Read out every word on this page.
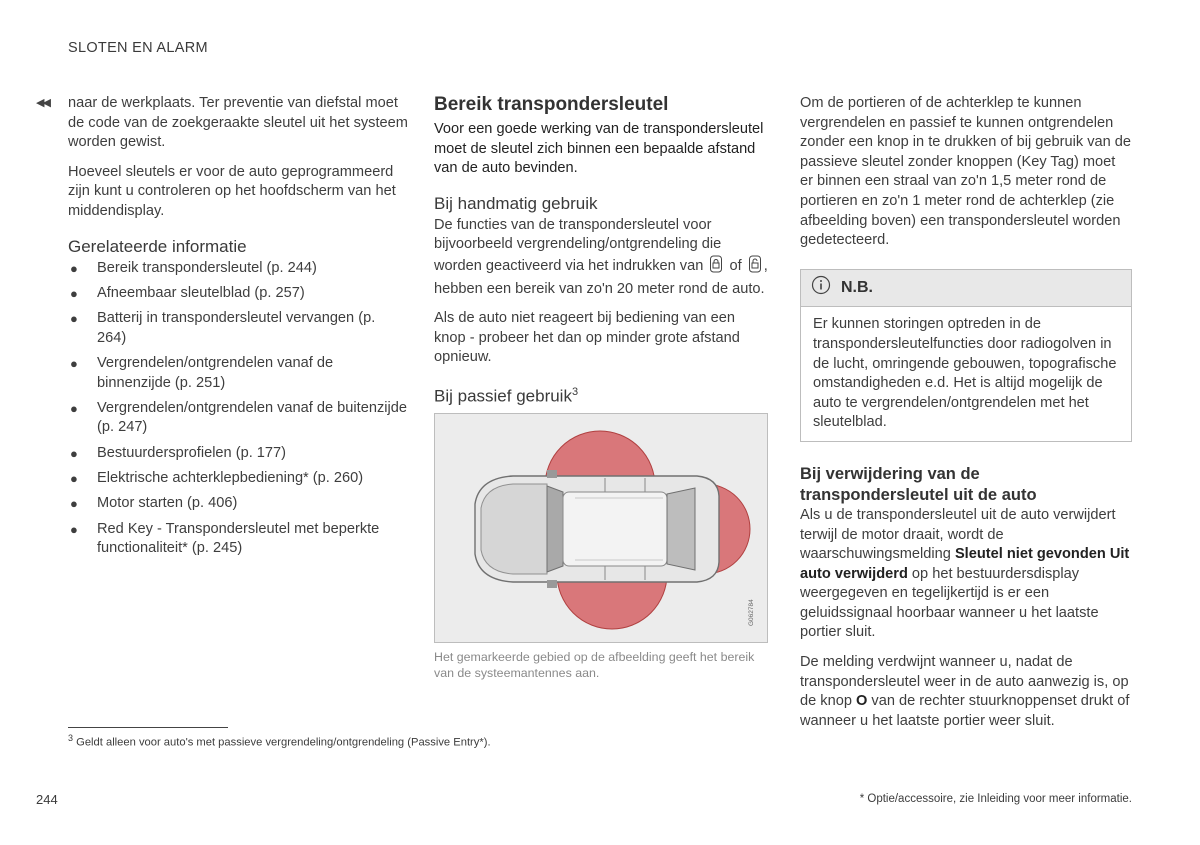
SLOTEN EN ALARM
◀◀ naar de werkplaats. Ter preventie van diefstal moet de code van de zoekgeraakte sleutel uit het systeem worden gewist.

Hoeveel sleutels er voor de auto geprogrammeerd zijn kunt u controleren op het hoofdscherm van het middendisplay.

Gerelateerde informatie
● Bereik transpondersleutel (p. 244)
● Afneembaar sleutelblad (p. 257)
● Batterij in transpondersleutel vervangen (p. 264)
● Vergrendelen/ontgrendelen vanaf de binnenzijde (p. 251)
● Vergrendelen/ontgrendelen vanaf de buitenzijde (p. 247)
● Bestuurdersprofielen (p. 177)
● Elektrische achterklepbediening* (p. 260)
● Motor starten (p. 406)
● Red Key - Transpondersleutel met beperkte functionaliteit* (p. 245)
Bereik transpondersleutel

Voor een goede werking van de transpondersleutel moet de sleutel zich binnen een bepaalde afstand van de auto bevinden.

Bij handmatig gebruik

De functies van de transpondersleutel voor bijvoorbeeld vergrendeling/ontgrendeling die worden geactiveerd via het indrukken van of , hebben een bereik van zo'n 20 meter rond de auto.

Als de auto niet reageert bij bediening van een knop - probeer het dan op minder grote afstand opnieuw.

Bij passief gebruik$^3$
G062784
Het gemarkeerde gebied op de afbeelding geeft het bereik van de systeemantennes aan.

Om de portieren of de achterklep te kunnen vergrendelen en passief te kunnen ontgrendelen zonder een knop in te drukken of bij gebruik van de passieve sleutel zonder knoppen (Key Tag) moet er binnen een straal van zo'n 1,5 meter rond de portieren en zo'n 1 meter rond de achterklep (zie afbeelding boven) een transpondersleutel worden gedetecteerd.

N.B.
Er kunnen storingen optreden in de transpondersleutelfuncties door radiogolven in de lucht, omringende gebouwen, topografische omstandigheden e.d. Het is altijd mogelijk de auto te vergrendelen/ontgrendelen met het sleutelblad.
Bij verwijdering van de transpondersleutel uit de auto

Als u de transpondersleutel uit de auto verwijdert terwijl de motor draait, wordt de waarschuwingsmelding Sleutel niet gevonden Uit auto verwijderd op het bestuurdersdisplay weergegeven en tegelijkertijd is er een geluidssignaal hoorbaar wanneer u het laatste portier sluit.

De melding verdwijnt wanneer u, nadat de transpondersleutel weer in de auto aanwezig is, op de knop O van de rechter stuurknoppenset drukt of wanneer u het laatste portier weer sluit.

$^3$ Geldt alleen voor auto's met passieve vergrendeling/ontgrendeling (Passive Entry*).
244	* Optie/accessoire, zie Inleiding voor meer informatie.
